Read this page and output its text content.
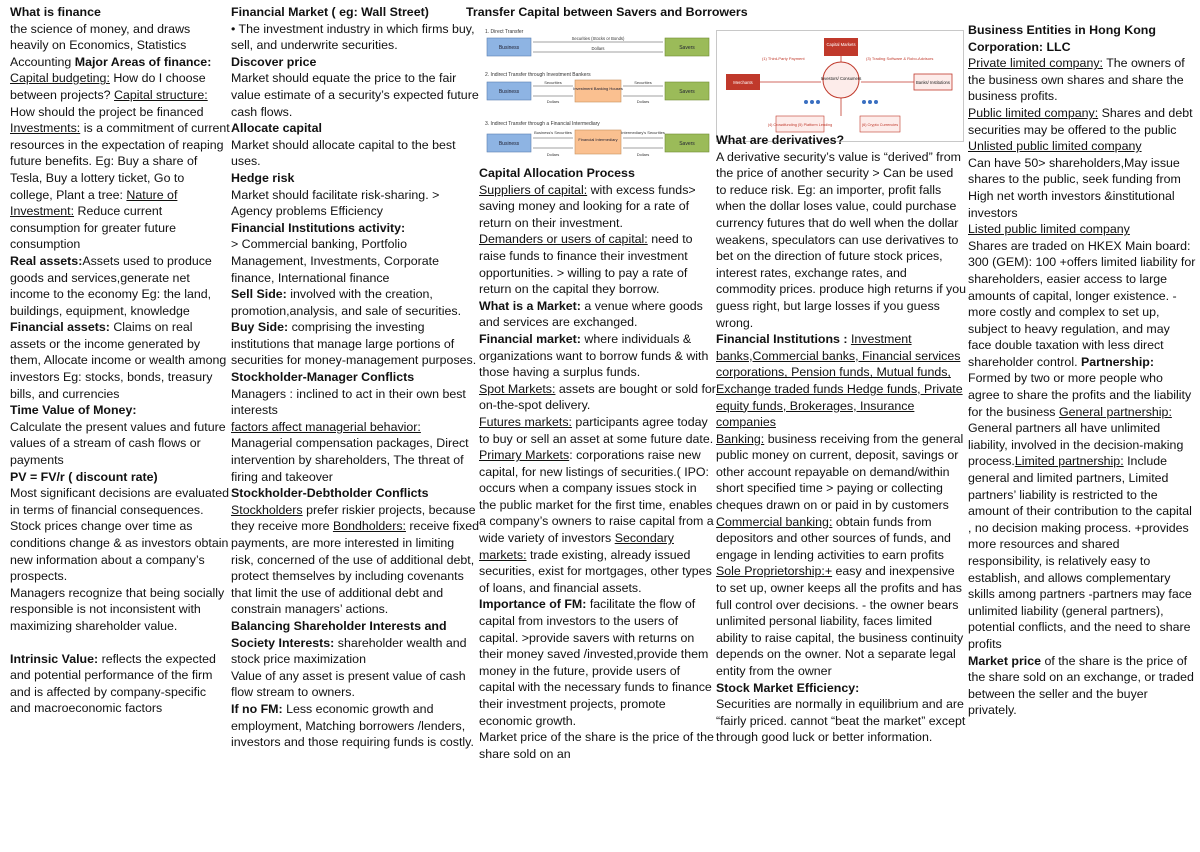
What is finance

the science of money, and draws heavily on Economics, Statistics Accounting Major Areas of finance: Capital budgeting: How do I choose between projects? Capital structure: How should the project be financed Investments: is a commitment of current resources in the expectation of reaping future benefits. Eg: Buy a share of Tesla, Buy a lottery ticket, Go to college, Plant a tree: Nature of Investment: Reduce current consumption for greater future consumption

Real assets:Assets used to produce goods and services,generate net income to the economy Eg: the land, buildings, equipment, knowledge

Financial assets: Claims on real assets or the income generated by them, Allocate income or wealth among investors Eg: stocks, bonds, treasury bills, and currencies

Time Value of Money:

Calculate the present values and future values of a stream of cash flows or payments

PV = FV/r ( discount rate)

Most significant decisions are evaluated in terms of financial consequences.

Stock prices change over time as conditions change & as investors obtain new information about a company’s prospects.

Managers recognize that being socially responsible is not inconsistent with maximizing shareholder value.

Intrinsic Value: reflects the expected and potential performance of the firm and is affected by company-specific and macroeconomic factors

Financial Market ( eg: Wall Street)

• The investment industry in which firms buy, sell, and underwrite securities.

Discover price

Market should equate the price to the fair value estimate of a security’s expected future cash flows.

Allocate capital

Market should allocate capital to the best uses.

Hedge risk

Market should facilitate risk-sharing. > Agency problems Efficiency

Financial Institutions activity:

> Commercial banking, Portfolio Management, Investments, Corporate finance, International finance

Sell Side: involved with the creation, promotion,analysis, and sale of securities. Buy Side: comprising the investing institutions that manage large portions of securities for money-management purposes.

Stockholder-Manager Conflicts

Managers : inclined to act in their own best interests

factors affect managerial behavior:

Managerial compensation packages, Direct intervention by shareholders, The threat of firing and takeover

Stockholder-Debtholder Conflicts

Stockholders prefer riskier projects, because they receive more Bondholders: receive fixed payments, are more interested in limiting risk, concerned of the use of additional debt, protect themselves by including covenants that limit the use of additional debt and constrain managers’ actions.

Balancing Shareholder Interests and Society Interests: shareholder wealth and stock price maximization

Value of any asset is present value of cash flow stream to owners.

If no FM: Less economic growth and employment, Matching borrowers /lenders, investors and those requiring funds is costly.

Transfer Capital between Savers and Borrowers
1. Direct Transfer
Business	Savers
Securities (Stocks or Bonds)
Dollars
2. Indirect Transfer through Investment Bankers
Business
Investment Banking Houses
Savers
Securities
Dollars
Securities
Dollars
3. Indirect Transfer through a Financial Intermediary
Business
Financial Intermediary
Savers
Business’s Securities
Dollars
Intermediary’s Securities
Dollars

Capital Allocation Process

Suppliers of capital: with excess funds> saving money and looking for a rate of return on their investment.

Demanders or users of capital: need to raise funds to finance their investment opportunities. > willing to pay a rate of return on the capital they borrow.

What is a Market: a venue where goods and services are exchanged.

Financial market: where individuals & organizations want to borrow funds & with those having a surplus funds.

Spot Markets: assets are bought or sold for on-the-spot delivery.

Futures markets: participants agree today to buy or sell an asset at some future date. Primary Markets: corporations raise new capital, for new listings of securities.( IPO: occurs when a company issues stock in the public market for the first time, enables a company’s owners to raise capital from a wide variety of investors Secondary markets: trade existing, already issued securities, exist for mortgages, other types of loans, and financial assets.

Importance of FM: facilitate the flow of capital from investors to the users of capital. >provide savers with returns on their money saved /invested,provide them money in the future, provide users of capital with the necessary funds to finance their investment projects, promote economic growth.

Market price of the share is the price of the share sold on an

Capital Markets
(1) Third-Party Payment	(3) Trading Software & Robo-Advisors
Merchants
Investors/ Consumers
Banks/ Institutions
(4) Crowdfunding (5) Platform Lending	(6) Crypto Currencies

What are derivatives?

A derivative security’s value is “derived” from the price of another security > Can be used to reduce risk. Eg: an importer, profit falls when the dollar loses value, could purchase currency futures that do well when the dollar weakens, speculators can use derivatives to bet on the direction of future stock prices, interest rates, exchange rates, and commodity prices. produce high returns if you guess right, but large losses if you guess wrong.

Financial Institutions : Investment banks,Commercial banks, Financial services corporations, Pension funds, Mutual funds, Exchange traded funds Hedge funds, Private equity funds, Brokerages, Insurance companies

Banking: business receiving from the general public money on current, deposit, savings or other account repayable on demand/within short specified time > paying or collecting cheques drawn on or paid in by customers Commercial banking: obtain funds from depositors and other sources of funds, and engage in lending activities to earn profits

Sole Proprietorship:+ easy and inexpensive to set up, owner keeps all the profits and has full control over decisions. - the owner bears unlimited personal liability, faces limited ability to raise capital, the business continuity depends on the owner. Not a separate legal entity from the owner

Stock Market Efficiency:

Securities are normally in equilibrium and are “fairly priced. cannot “beat the market” except through good luck or better information.

Business Entities in Hong Kong Corporation: LLC

Private limited company: The owners of the business own shares and share the business profits.

Public limited company: Shares and debt securities may be offered to the public Unlisted public limited company

Can have 50> shareholders,May issue shares to the public, seek funding from High net worth investors &institutional investors

Listed public limited company

Shares are traded on HKEX Main board: 300 (GEM): 100 +offers limited liability for shareholders, easier access to large amounts of capital, longer existence. - more costly and complex to set up, subject to heavy regulation, and may face double taxation with less direct shareholder control. Partnership: Formed by two or more people who agree to share the profits and the liability for the business General partnership: General partners all have unlimited liability, involved in the decision-making process.Limited partnership: Include general and limited partners, Limited partners’ liability is restricted to the amount of their contribution to the capital , no decision making process. +provides more resources and shared responsibility, is relatively easy to establish, and allows complementary skills among partners -partners may face unlimited liability (general partners), potential conflicts, and the need to share profits

Market price of the share is the price of the share sold on an exchange, or traded between the seller and the buyer privately.
